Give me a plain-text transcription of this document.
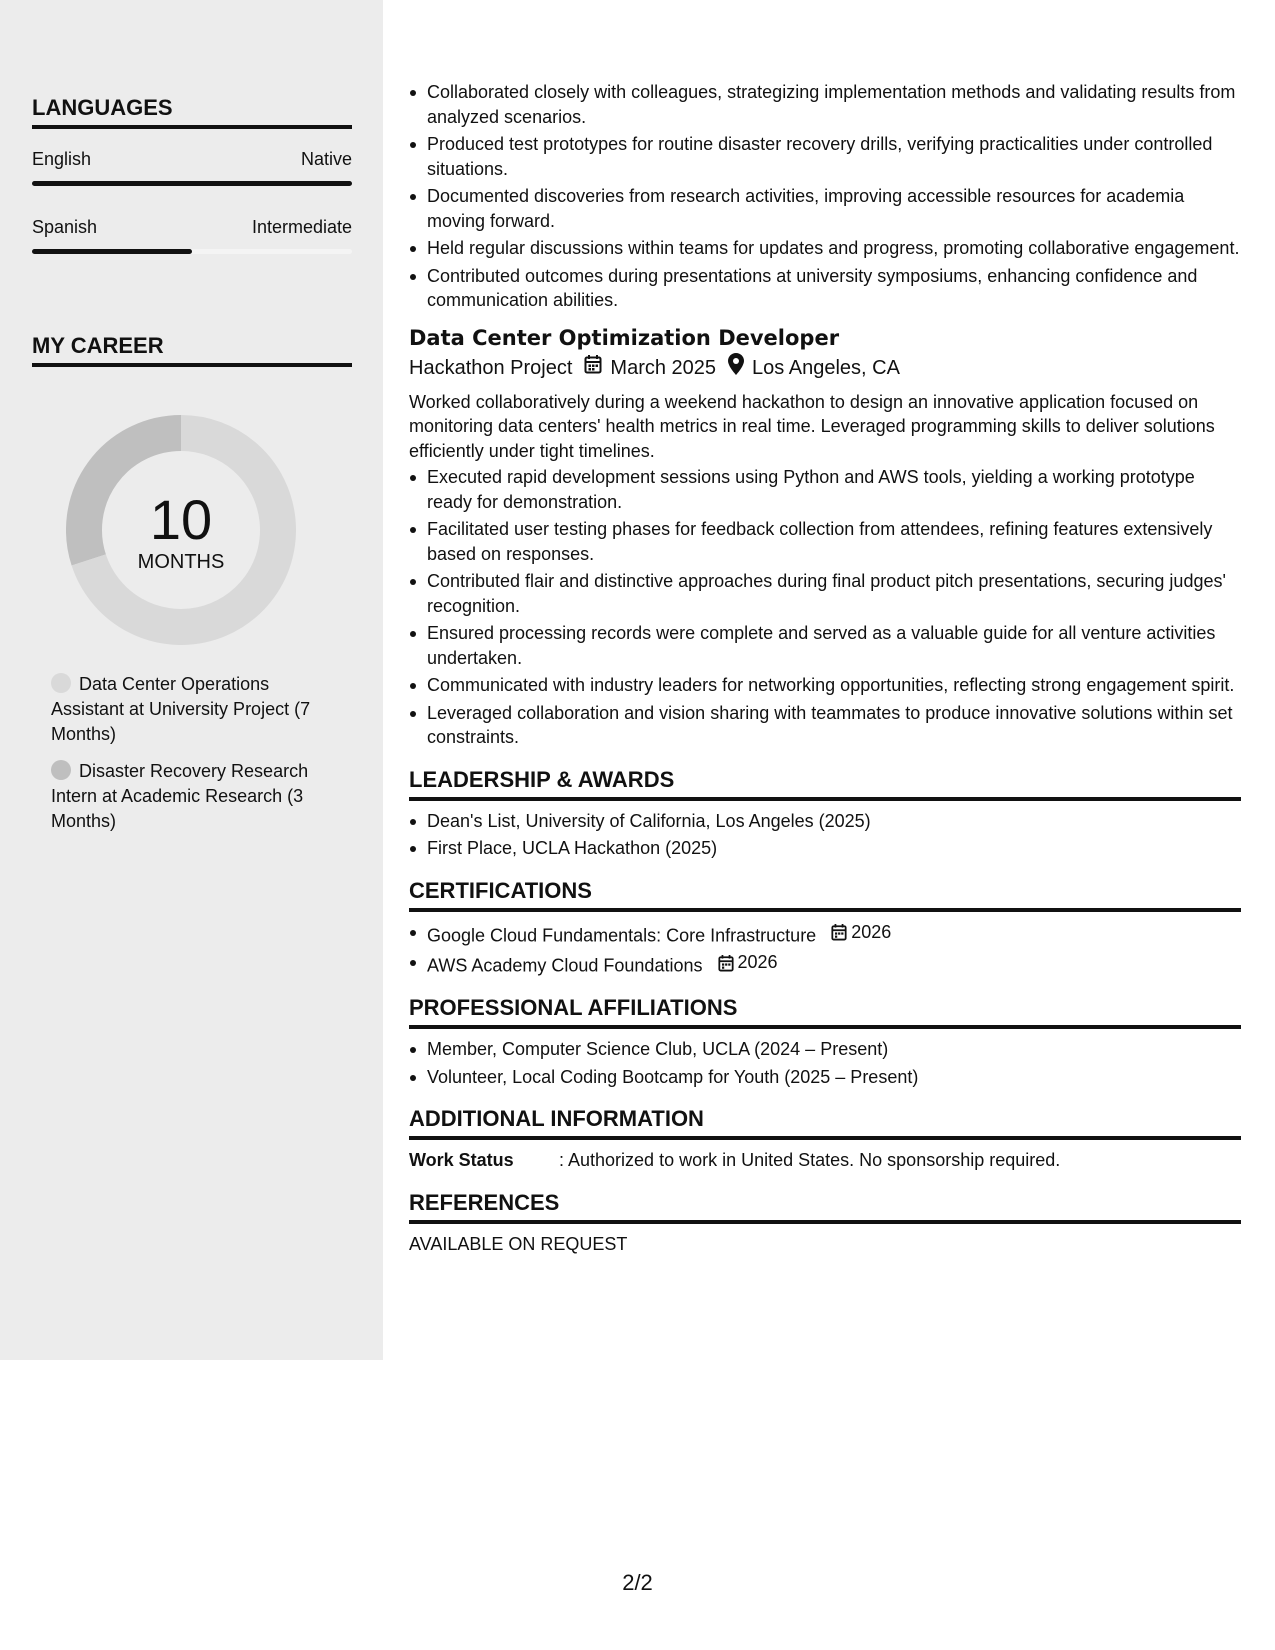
LANGUAGES
English	Native
Spanish	Intermediate
MY CAREER
10
MONTHS
Data Center Operations Assistant at University Project (7 Months)
Disaster Recovery Research Intern at Academic Research (3 Months)
Collaborated closely with colleagues, strategizing implementation methods and validating results from analyzed scenarios.
Produced test prototypes for routine disaster recovery drills, verifying practicalities under controlled situations.
Documented discoveries from research activities, improving accessible resources for academia moving forward.
Held regular discussions within teams for updates and progress, promoting collaborative engagement.
Contributed outcomes during presentations at university symposiums, enhancing confidence and communication abilities.
Data Center Optimization Developer
Hackathon Project March 2025 Los Angeles, CA
Worked collaboratively during a weekend hackathon to design an innovative application focused on monitoring data centers' health metrics in real time. Leveraged programming skills to deliver solutions efficiently under tight timelines.
Executed rapid development sessions using Python and AWS tools, yielding a working prototype ready for demonstration.
Facilitated user testing phases for feedback collection from attendees, refining features extensively based on responses.
Contributed flair and distinctive approaches during final product pitch presentations, securing judges' recognition.
Ensured processing records were complete and served as a valuable guide for all venture activities undertaken.
Communicated with industry leaders for networking opportunities, reflecting strong engagement spirit.
Leveraged collaboration and vision sharing with teammates to produce innovative solutions within set constraints.
LEADERSHIP & AWARDS
Dean's List, University of California, Los Angeles (2025)
First Place, UCLA Hackathon (2025)
CERTIFICATIONS
Google Cloud Fundamentals: Core Infrastructure 2026
AWS Academy Cloud Foundations 2026
PROFESSIONAL AFFILIATIONS
Member, Computer Science Club, UCLA (2024 – Present)
Volunteer, Local Coding Bootcamp for Youth (2025 – Present)
ADDITIONAL INFORMATION
Work Status	: Authorized to work in United States. No sponsorship required.
REFERENCES
AVAILABLE ON REQUEST
2/2
